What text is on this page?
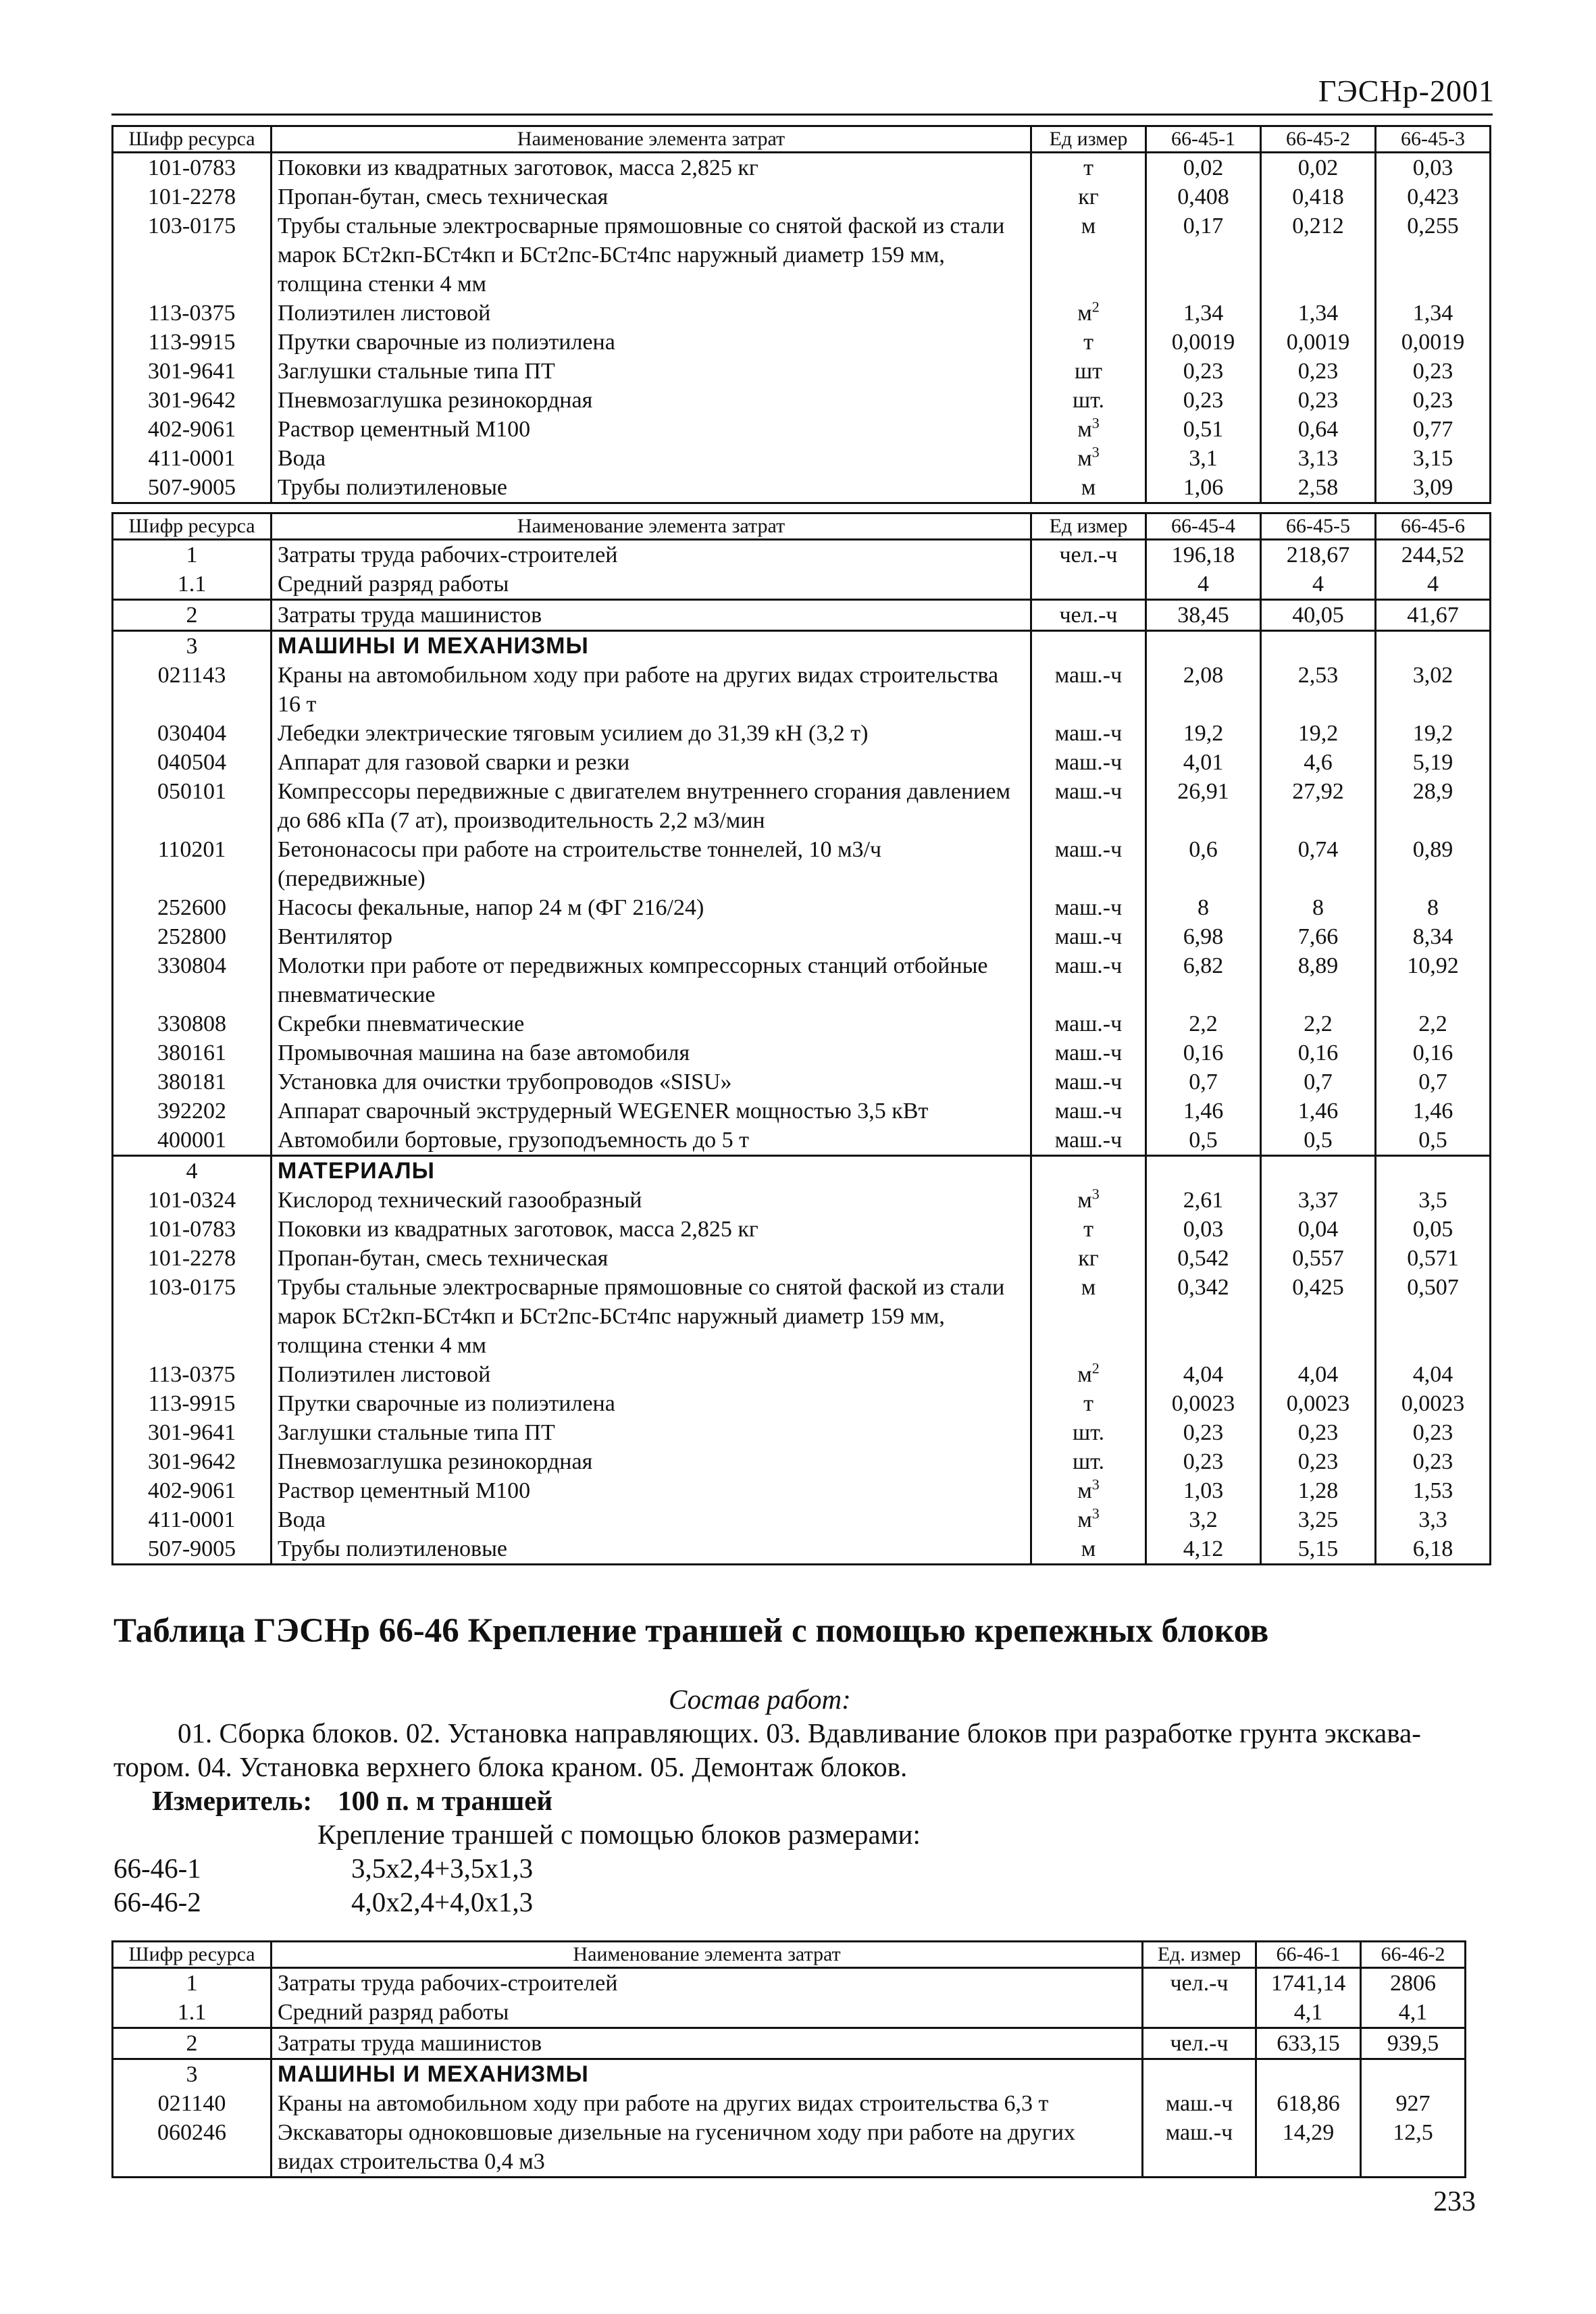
ГЭСНр-2001
Шифр ресурса	Наименование элемента затрат	Ед измер	66-45-1	66-45-2	66-45-3
101-0783	Поковки из квадратных заготовок, масса 2,825 кг	т	0,02	0,02	0,03
101-2278	Пропан-бутан, смесь техническая	кг	0,408	0,418	0,423
103-0175	Трубы стальные электросварные прямошовные со снятой фаской из стали марок БСт2кп-БСт4кп и БСт2пс-БСт4пс наружный диаметр 159 мм, толщина стенки 4 мм	м	0,17	0,212	0,255
113-0375	Полиэтилен листовой	$м^2$	1,34	1,34	1,34
113-9915	Прутки сварочные из полиэтилена	т	0,0019	0,0019	0,0019
301-9641	Заглушки стальные типа ПТ	шт	0,23	0,23	0,23
301-9642	Пневмозаглушка резинокордная	шт.	0,23	0,23	0,23
402-9061	Раствор цементный М100	$м^3$	0,51	0,64	0,77
411-0001	Вода	$м^3$	3,1	3,13	3,15
507-9005	Трубы полиэтиленовые	м	1,06	2,58	3,09
Шифр ресурса	Наименование элемента затрат	Ед измер	66-45-4	66-45-5	66-45-6
1	Затраты труда рабочих-строителей	чел.-ч	196,18	218,67	244,52
1.1	Средний разряд работы		4	4	4
2	Затраты труда машинистов	чел.-ч	38,45	40,05	41,67
3	МАШИНЫ И МЕХАНИЗМЫ				
021143	Краны на автомобильном ходу при работе на других видах строительства 16 т	маш.-ч	2,08	2,53	3,02
030404	Лебедки электрические тяговым усилием до 31,39 кН (3,2 т)	маш.-ч	19,2	19,2	19,2
040504	Аппарат для газовой сварки и резки	маш.-ч	4,01	4,6	5,19
050101	Компрессоры передвижные с двигателем внутреннего сгорания давлением до 686 кПа (7 ат), производительность 2,2 м3/мин	маш.-ч	26,91	27,92	28,9
110201	Бетононасосы при работе на строительстве тоннелей, 10 м3/ч (передвижные)	маш.-ч	0,6	0,74	0,89
252600	Насосы фекальные, напор 24 м (ФГ 216/24)	маш.-ч	8	8	8
252800	Вентилятор	маш.-ч	6,98	7,66	8,34
330804	Молотки при работе от передвижных компрессорных станций отбойные пневматические	маш.-ч	6,82	8,89	10,92
330808	Скребки пневматические	маш.-ч	2,2	2,2	2,2
380161	Промывочная машина на базе автомобиля	маш.-ч	0,16	0,16	0,16
380181	Установка для очистки трубопроводов «SISU»	маш.-ч	0,7	0,7	0,7
392202	Аппарат сварочный экструдерный WEGENER мощностью 3,5 кВт	маш.-ч	1,46	1,46	1,46
400001	Автомобили бортовые, грузоподъемность до 5 т	маш.-ч	0,5	0,5	0,5
4	МАТЕРИАЛЫ				
101-0324	Кислород технический газообразный	$м^3$	2,61	3,37	3,5
101-0783	Поковки из квадратных заготовок, масса 2,825 кг	т	0,03	0,04	0,05
101-2278	Пропан-бутан, смесь техническая	кг	0,542	0,557	0,571
103-0175	Трубы стальные электросварные прямошовные со снятой фаской из стали марок БСт2кп-БСт4кп и БСт2пс-БСт4пс наружный диаметр 159 мм, толщина стенки 4 мм	м	0,342	0,425	0,507
113-0375	Полиэтилен листовой	$м^2$	4,04	4,04	4,04
113-9915	Прутки сварочные из полиэтилена	т	0,0023	0,0023	0,0023
301-9641	Заглушки стальные типа ПТ	шт.	0,23	0,23	0,23
301-9642	Пневмозаглушка резинокордная	шт.	0,23	0,23	0,23
402-9061	Раствор цементный М100	$м^3$	1,03	1,28	1,53
411-0001	Вода	$м^3$	3,2	3,25	3,3
507-9005	Трубы полиэтиленовые	м	4,12	5,15	6,18
Таблица ГЭСНр 66-46 Крепление траншей с помощью крепежных блоков
Состав работ:
01. Сборка блоков. 02. Установка направляющих. 03. Вдавливание блоков при разработке грунта экскава-
тором. 04. Установка верхнего блока краном. 05. Демонтаж блоков.
Измеритель: 100 п. м траншей
Крепление траншей с помощью блоков размерами:
66-46-1	3,5х2,4+3,5х1,3
66-46-2	4,0х2,4+4,0х1,3
Шифр ресурса	Наименование элемента затрат	Ед. измер	66-46-1	66-46-2
1	Затраты труда рабочих-строителей	чел.-ч	1741,14	2806
1.1	Средний разряд работы		4,1	4,1
2	Затраты труда машинистов	чел.-ч	633,15	939,5
3	МАШИНЫ И МЕХАНИЗМЫ			
021140	Краны на автомобильном ходу при работе на других видах строительства 6,3 т	маш.-ч	618,86	927
060246	Экскаваторы одноковшовые дизельные на гусеничном ходу при работе на других видах строительства 0,4 м3	маш.-ч	14,29	12,5
233
